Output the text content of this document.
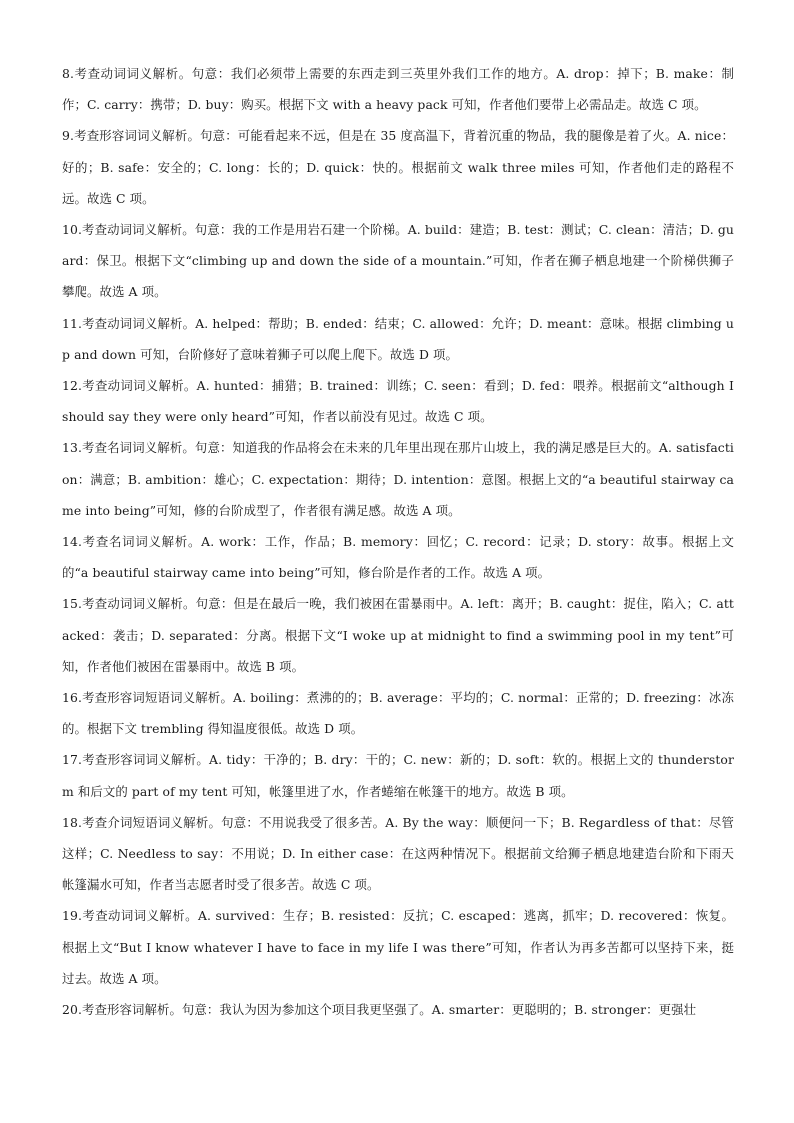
8.考查动词词义解析。句意：我们必须带上需要的东西走到三英里外我们工作的地方。A. drop：掉下；B. make：制作；C. carry：携带；D. buy：购买。根据下文 with a heavy pack 可知，作者他们要带上必需品走。故选 C 项。

9.考查形容词词义解析。句意：可能看起来不远，但是在 35 度高温下，背着沉重的物品，我的腿像是着了火。A. nice：好的；B. safe：安全的；C. long：长的；D. quick：快的。根据前文 walk three miles 可知，作者他们走的路程不远。故选 C 项。

10.考查动词词义解析。句意：我的工作是用岩石建一个阶梯。A. build：建造；B. test：测试；C. clean：清洁；D. guard：保卫。根据下文“climbing up and down the side of a mountain.”可知，作者在狮子栖息地建一个阶梯供狮子攀爬。故选 A 项。

11.考查动词词义解析。A. helped：帮助；B. ended：结束；C. allowed：允许；D. meant：意味。根据 climbing up and down 可知，台阶修好了意味着狮子可以爬上爬下。故选 D 项。

12.考查动词词义解析。A. hunted：捕猎；B. trained：训练；C. seen：看到；D. fed：喂养。根据前文“although I should say they were only heard”可知，作者以前没有见过。故选 C 项。

13.考查名词词义解析。句意：知道我的作品将会在未来的几年里出现在那片山坡上，我的满足感是巨大的。A. satisfaction：满意；B. ambition：雄心；C. expectation：期待；D. intention：意图。根据上文的“a beautiful stairway came into being”可知，修的台阶成型了，作者很有满足感。故选 A 项。

14.考查名词词义解析。A. work：工作，作品；B. memory：回忆；C. record：记录；D. story：故事。根据上文的“a beautiful stairway came into being”可知，修台阶是作者的工作。故选 A 项。

15.考查动词词义解析。句意：但是在最后一晚，我们被困在雷暴雨中。A. left：离开；B. caught：捉住，陷入；C. attacked：袭击；D. separated：分离。根据下文“I woke up at midnight to find a swimming pool in my tent”可知，作者他们被困在雷暴雨中。故选 B 项。

16.考查形容词短语词义解析。A. boiling：煮沸的的；B. average：平均的；C. normal：正常的；D. freezing：冰冻的。根据下文 trembling 得知温度很低。故选 D 项。

17.考查形容词词义解析。A. tidy：干净的；B. dry：干的；C. new：新的；D. soft：软的。根据上文的 thunderstorm 和后文的 part of my tent 可知，帐篷里进了水，作者蜷缩在帐篷干的地方。故选 B 项。

18.考查介词短语词义解析。句意：不用说我受了很多苦。A. By the way：顺便问一下；B. Regardless of that：尽管这样；C. Needless to say：不用说；D. In either case：在这两种情况下。根据前文给狮子栖息地建造台阶和下雨天帐篷漏水可知，作者当志愿者时受了很多苦。故选 C 项。

19.考查动词词义解析。A. survived：生存；B. resisted：反抗；C. escaped：逃离，抓牢；D. recovered：恢复。根据上文“But I know whatever I have to face in my life I was there”可知，作者认为再多苦都可以坚持下来，挺过去。故选 A 项。

20.考查形容词解析。句意：我认为因为参加这个项目我更坚强了。A. smarter：更聪明的；B. stronger：更强壮
